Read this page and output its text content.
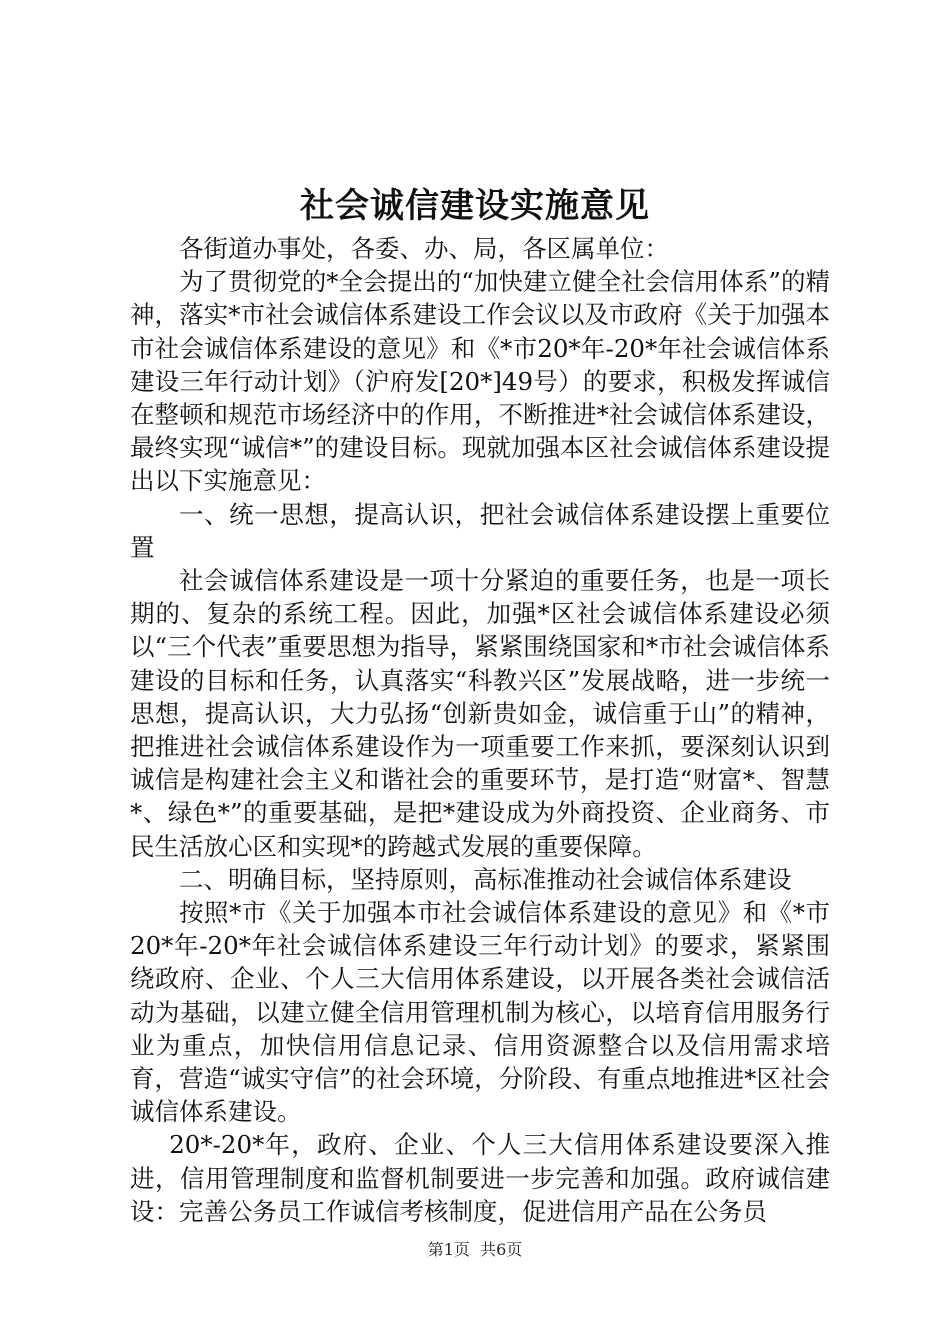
社会诚信建设实施意见

各街道办事处，各委、办、局，各区属单位：

为了贯彻党的*全会提出的“加快建立健全社会信用体系”的精神，落实*市社会诚信体系建设工作会议以及市政府《关于加强本市社会诚信体系建设的意见》和《*市20*年-20*年社会诚信体系建设三年行动计划》（沪府发[20*]49号）的要求，积极发挥诚信在整顿和规范市场经济中的作用，不断推进*社会诚信体系建设，最终实现“诚信*”的建设目标。现就加强本区社会诚信体系建设提出以下实施意见：

一、统一思想，提高认识，把社会诚信体系建设摆上重要位置

社会诚信体系建设是一项十分紧迫的重要任务，也是一项长期的、复杂的系统工程。因此，加强*区社会诚信体系建设必须以“三个代表”重要思想为指导，紧紧围绕国家和*市社会诚信体系建设的目标和任务，认真落实“科教兴区”发展战略，进一步统一思想，提高认识，大力弘扬“创新贵如金，诚信重于山”的精神，把推进社会诚信体系建设作为一项重要工作来抓，要深刻认识到诚信是构建社会主义和谐社会的重要环节，是打造“财富*、智慧*、绿色*”的重要基础，是把*建设成为外商投资、企业商务、市民生活放心区和实现*的跨越式发展的重要保障。

二、明确目标，坚持原则，高标准推动社会诚信体系建设

按照*市《关于加强本市社会诚信体系建设的意见》和《*市20*年-20*年社会诚信体系建设三年行动计划》的要求，紧紧围绕政府、企业、个人三大信用体系建设，以开展各类社会诚信活动为基础，以建立健全信用管理机制为核心，以培育信用服务行业为重点，加快信用信息记录、信用资源整合以及信用需求培育，营造“诚实守信”的社会环境，分阶段、有重点地推进*区社会诚信体系建设。

20*-20*年，政府、企业、个人三大信用体系建设要深入推进，信用管理制度和监督机制要进一步完善和加强。政府诚信建设：完善公务员工作诚信考核制度，促进信用产品在公务员

第1页 共6页
